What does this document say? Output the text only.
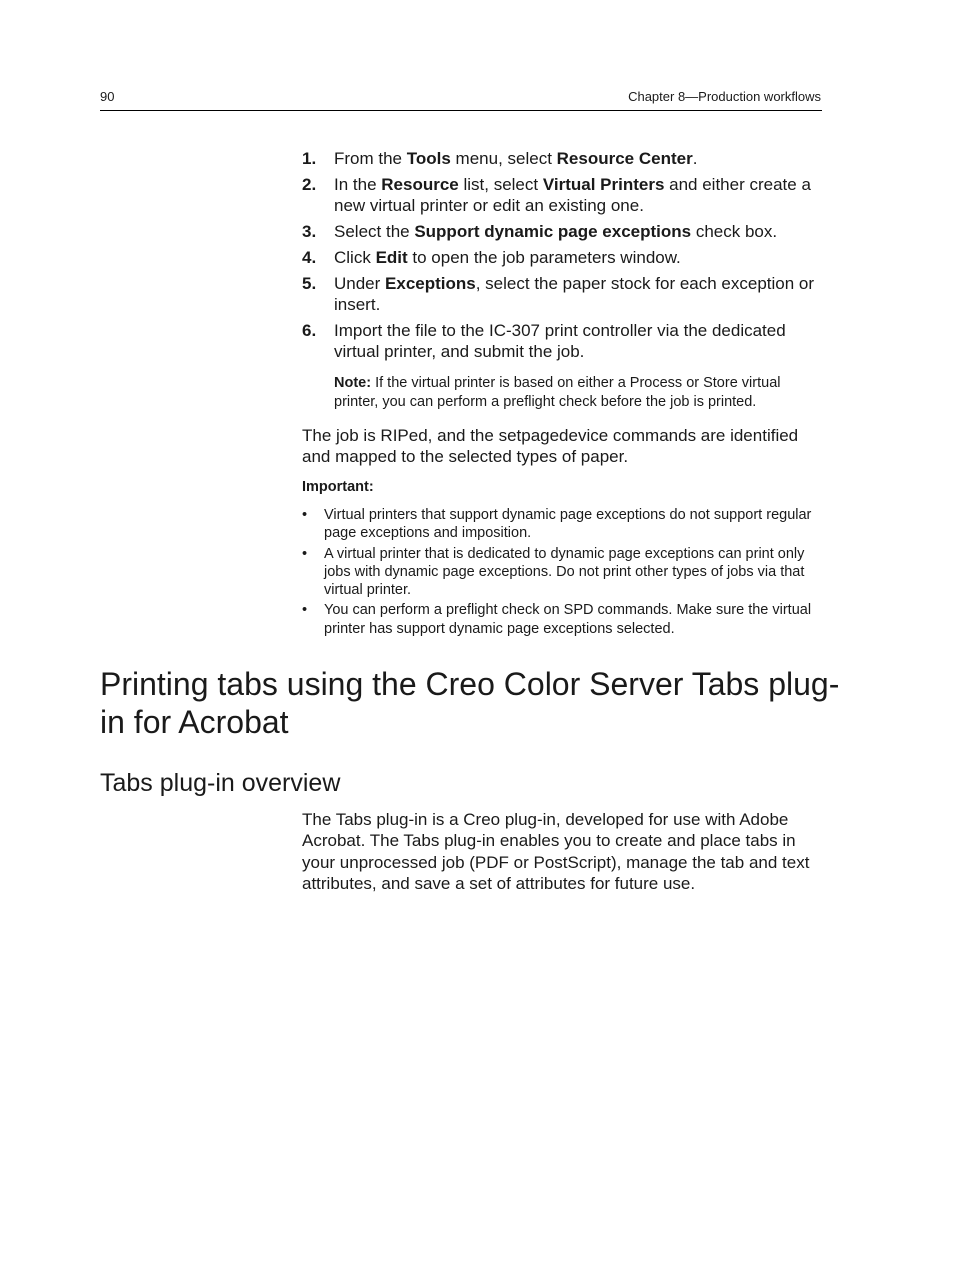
90	Chapter 8—Production workflows
1. From the Tools menu, select Resource Center.
2. In the Resource list, select Virtual Printers and either create a new virtual printer or edit an existing one.
3. Select the Support dynamic page exceptions check box.
4. Click Edit to open the job parameters window.
5. Under Exceptions, select the paper stock for each exception or insert.
6. Import the file to the IC-307 print controller via the dedicated virtual printer, and submit the job.

Note: If the virtual printer is based on either a Process or Store virtual printer, you can perform a preflight check before the job is printed.

The job is RIPed, and the setpagedevice commands are identified and mapped to the selected types of paper.

Important:
• Virtual printers that support dynamic page exceptions do not support regular page exceptions and imposition.
• A virtual printer that is dedicated to dynamic page exceptions can print only jobs with dynamic page exceptions. Do not print other types of jobs via that virtual printer.
• You can perform a preflight check on SPD commands. Make sure the virtual printer has support dynamic page exceptions selected.
Printing tabs using the Creo Color Server Tabs plug-in for Acrobat
Tabs plug-in overview

The Tabs plug-in is a Creo plug-in, developed for use with Adobe Acrobat. The Tabs plug-in enables you to create and place tabs in your unprocessed job (PDF or PostScript), manage the tab and text attributes, and save a set of attributes for future use.
